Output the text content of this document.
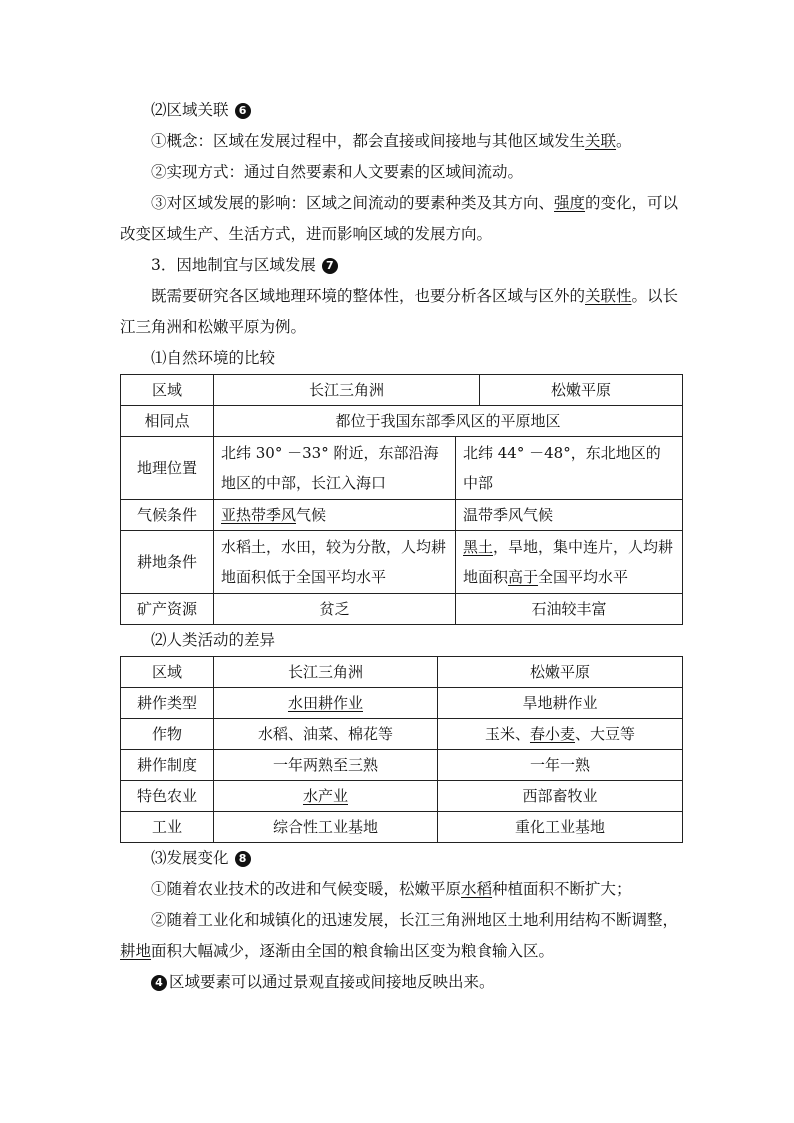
⑵区域关联 6

①概念：区域在发展过程中，都会直接或间接地与其他区域发生关联。

②实现方式：通过自然要素和人文要素的区域间流动。

③对区域发展的影响：区域之间流动的要素种类及其方向、强度的变化，可以改变区域生产、生活方式，进而影响区域的发展方向。

3．因地制宜与区域发展 7

既需要研究各区域地理环境的整体性，也要分析各区域与区外的关联性。以长江三角洲和松嫩平原为例。

⑴自然环境的比较

区域	长江三角洲		松嫩平原
相同点	都位于我国东部季风区的平原地区		
地理位置	北纬 30° －33° 附近，东部沿海地区的中部，长江入海口	北纬 44° －48°，东北地区的中部	
气候条件	亚热带季风气候	温带季风气候	
耕地条件	水稻土，水田，较为分散，人均耕地面积低于全国平均水平	黑土，旱地，集中连片，人均耕地面积高于全国平均水平	
矿产资源	贫乏	石油较丰富	

⑵人类活动的差异

区域	长江三角洲	松嫩平原
耕作类型	水田耕作业	旱地耕作业
作物	水稻、油菜、棉花等	玉米、春小麦、大豆等
耕作制度	一年两熟至三熟	一年一熟
特色农业	水产业	西部畜牧业
工业	综合性工业基地	重化工业基地

⑶发展变化 8

①随着农业技术的改进和气候变暖，松嫩平原水稻种植面积不断扩大；

②随着工业化和城镇化的迅速发展，长江三角洲地区土地利用结构不断调整，耕地面积大幅减少，逐渐由全国的粮食输出区变为粮食输入区。

4 区域要素可以通过景观直接或间接地反映出来。
